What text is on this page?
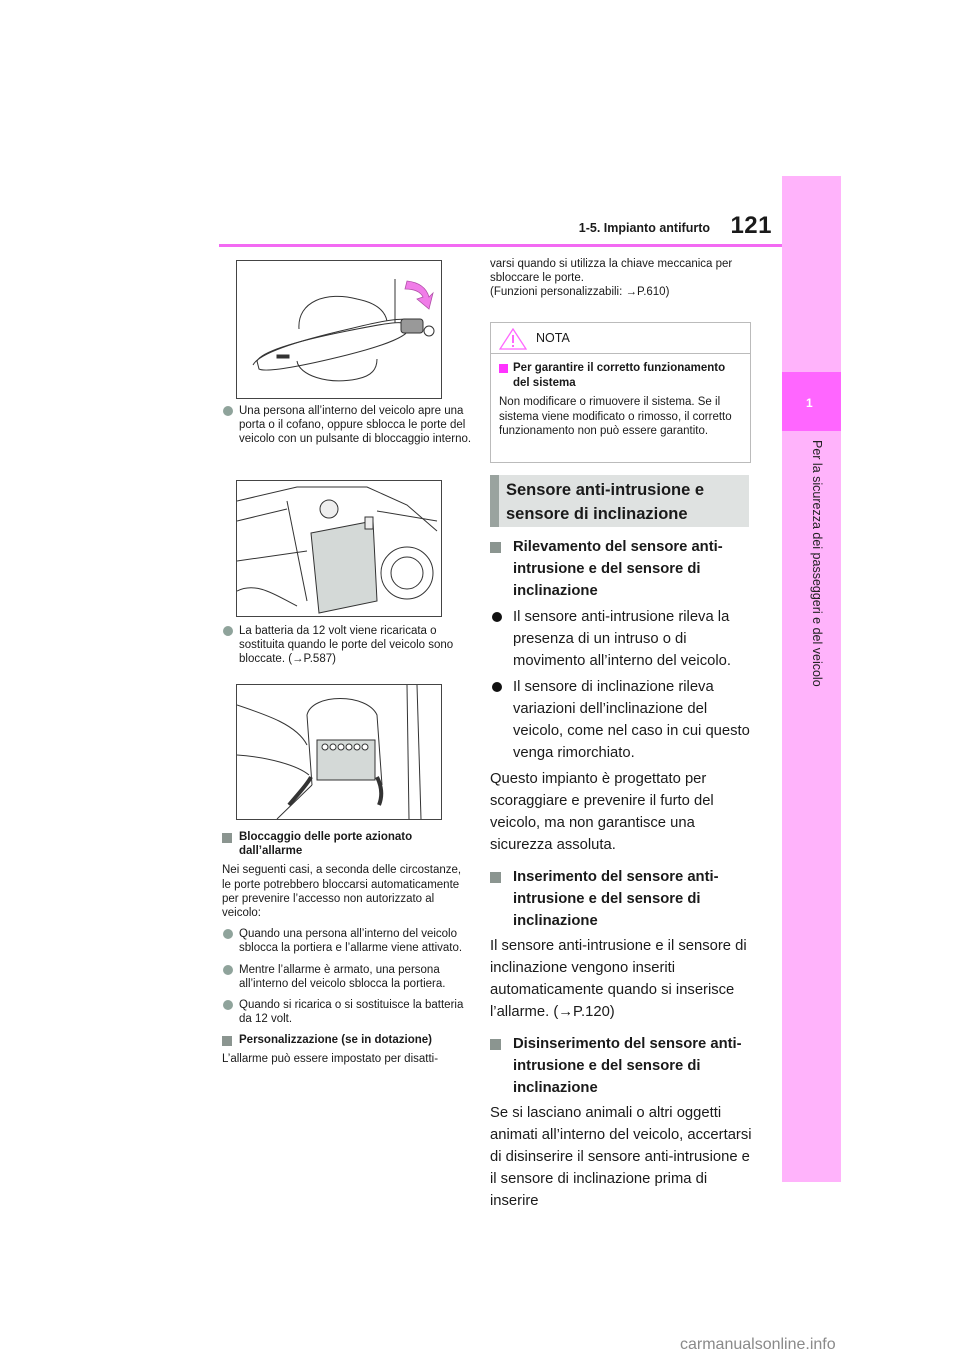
1-5. Impianto antifurto 121
1
Per la sicurezza dei passeggeri e del veicolo

Una persona all’interno del veicolo apre una porta o il cofano, oppure sblocca le porte del veicolo con un pulsante di bloccaggio interno.

La batteria da 12 volt viene ricaricata o sostituita quando le porte del veicolo sono bloccate. (→P.587)

Bloccaggio delle porte azionato dall’allarme

Nei seguenti casi, a seconda delle circostanze, le porte potrebbero bloccarsi automaticamente per prevenire l’accesso non autorizzato al veicolo:

Quando una persona all’interno del veicolo sblocca la portiera e l’allarme viene attivato.

Mentre l’allarme è armato, una persona all’interno del veicolo sblocca la portiera.

Quando si ricarica o si sostituisce la batteria da 12 volt.

Personalizzazione (se in dotazione)

L’allarme può essere impostato per disatti-

varsi quando si utilizza la chiave meccanica per sbloccare le porte.

(Funzioni personalizzabili: →P.610)

NOTA
Per garantire il corretto funzionamento del sistema

Non modificare o rimuovere il sistema. Se il sistema viene modificato o rimosso, il corretto funzionamento non può essere garantito.

Sensore anti-intrusione e sensore di inclinazione
Rilevamento del sensore anti-intrusione e del sensore di inclinazione

Il sensore anti-intrusione rileva la presenza di un intruso o di movimento all’interno del veicolo.

Il sensore di inclinazione rileva variazioni dell’inclinazione del veicolo, come nel caso in cui questo venga rimorchiato.

Questo impianto è progettato per scoraggiare e prevenire il furto del veicolo, ma non garantisce una sicurezza assoluta.

Inserimento del sensore anti-intrusione e del sensore di inclinazione

Il sensore anti-intrusione e il sensore di inclinazione vengono inseriti automaticamente quando si inserisce l’allarme. (→P.120)

Disinserimento del sensore anti-intrusione e del sensore di inclinazione

Se si lasciano animali o altri oggetti animati all’interno del veicolo, accertarsi di disinserire il sensore anti-intrusione e il sensore di inclinazione prima di inserire

carmanualsonline.info
